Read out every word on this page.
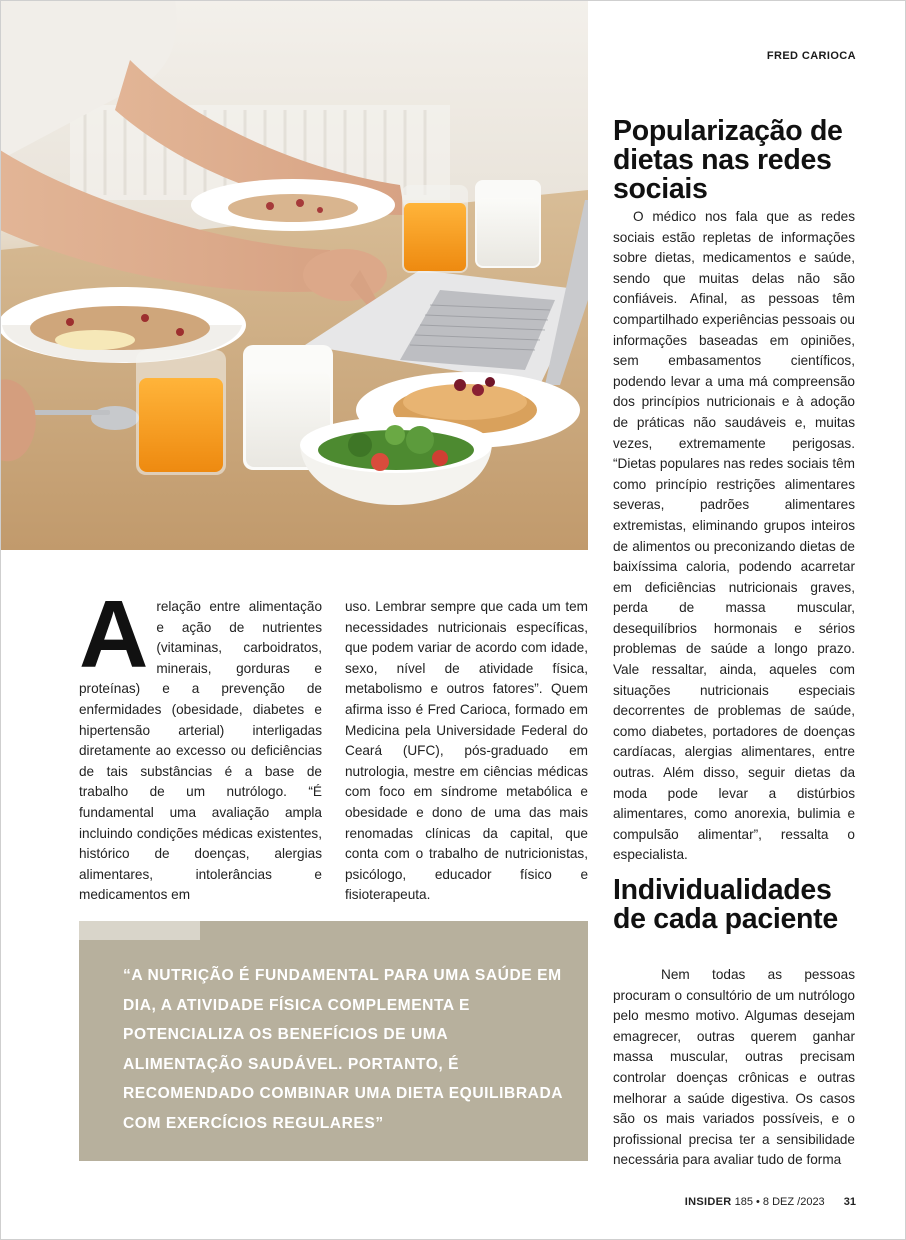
FRED CARIOCA
Popularização de dietas nas redes sociais

O médico nos fala que as redes sociais estão repletas de informações sobre dietas, medicamentos e saúde, sendo que muitas delas não são confiáveis. Afinal, as pessoas têm compartilhado experiências pessoais ou informações baseadas em opiniões, sem embasamentos científicos, podendo levar a uma má compreensão dos princípios nutricionais e à adoção de práticas não saudáveis e, muitas vezes, extremamente perigosas. “Dietas populares nas redes sociais têm como princípio restrições alimentares severas, padrões alimentares extremistas, eliminando grupos inteiros de alimentos ou preconizando dietas de baixíssima caloria, podendo acarretar em deficiências nutricionais graves, perda de massa muscular, desequilíbrios hormonais e sérios problemas de saúde a longo prazo. Vale ressaltar, ainda, aqueles com situações nutricionais especiais decorrentes de problemas de saúde, como diabetes, portadores de doenças cardíacas, alergias alimentares, entre outras. Além disso, seguir dietas da moda pode levar a distúrbios alimentares, como anorexia, bulimia e compulsão alimentar”, ressalta o especialista.

Individualidades de cada paciente

Nem todas as pessoas procuram o consultório de um nutrólogo pelo mesmo motivo. Algumas desejam emagrecer, outras querem ganhar massa muscular, outras precisam controlar doenças crônicas e outras melhorar a saúde digestiva. Os casos são os mais variados possíveis, e o profissional precisa ter a sensibilidade necessária para avaliar tudo de forma

Arelação entre alimentação e ação de nutrientes (vitaminas, carboidratos, minerais, gorduras e proteínas) e a prevenção de enfermidades (obesidade, diabetes e hipertensão arterial) interligadas diretamente ao excesso ou deficiências de tais substâncias é a base de trabalho de um nutrólogo. “É fundamental uma avaliação ampla incluindo condições médicas existentes, histórico de doenças, alergias alimentares, intolerâncias e medicamentos em

uso. Lembrar sempre que cada um tem necessidades nutricionais específicas, que podem variar de acordo com idade, sexo, nível de atividade física, metabolismo e outros fatores”. Quem afirma isso é Fred Carioca, formado em Medicina pela Universidade Federal do Ceará (UFC), pós-graduado em nutrologia, mestre em ciências médicas com foco em síndrome metabólica e obesidade e dono de uma das mais renomadas clínicas da capital, que conta com o trabalho de nutricionistas, psicólogo, educador físico e fisioterapeuta.

“A NUTRIÇÃO É FUNDAMENTAL PARA UMA SAÚDE EM DIA, A ATIVIDADE FÍSICA COMPLEMENTA E POTENCIALIZA OS BENEFÍCIOS DE UMA ALIMENTAÇÃO SAUDÁVEL. PORTANTO, É RECOMENDADO COMBINAR UMA DIETA EQUILIBRADA COM EXERCÍCIOS REGULARES”
INSIDER 185 • 8 DEZ /2023 31
